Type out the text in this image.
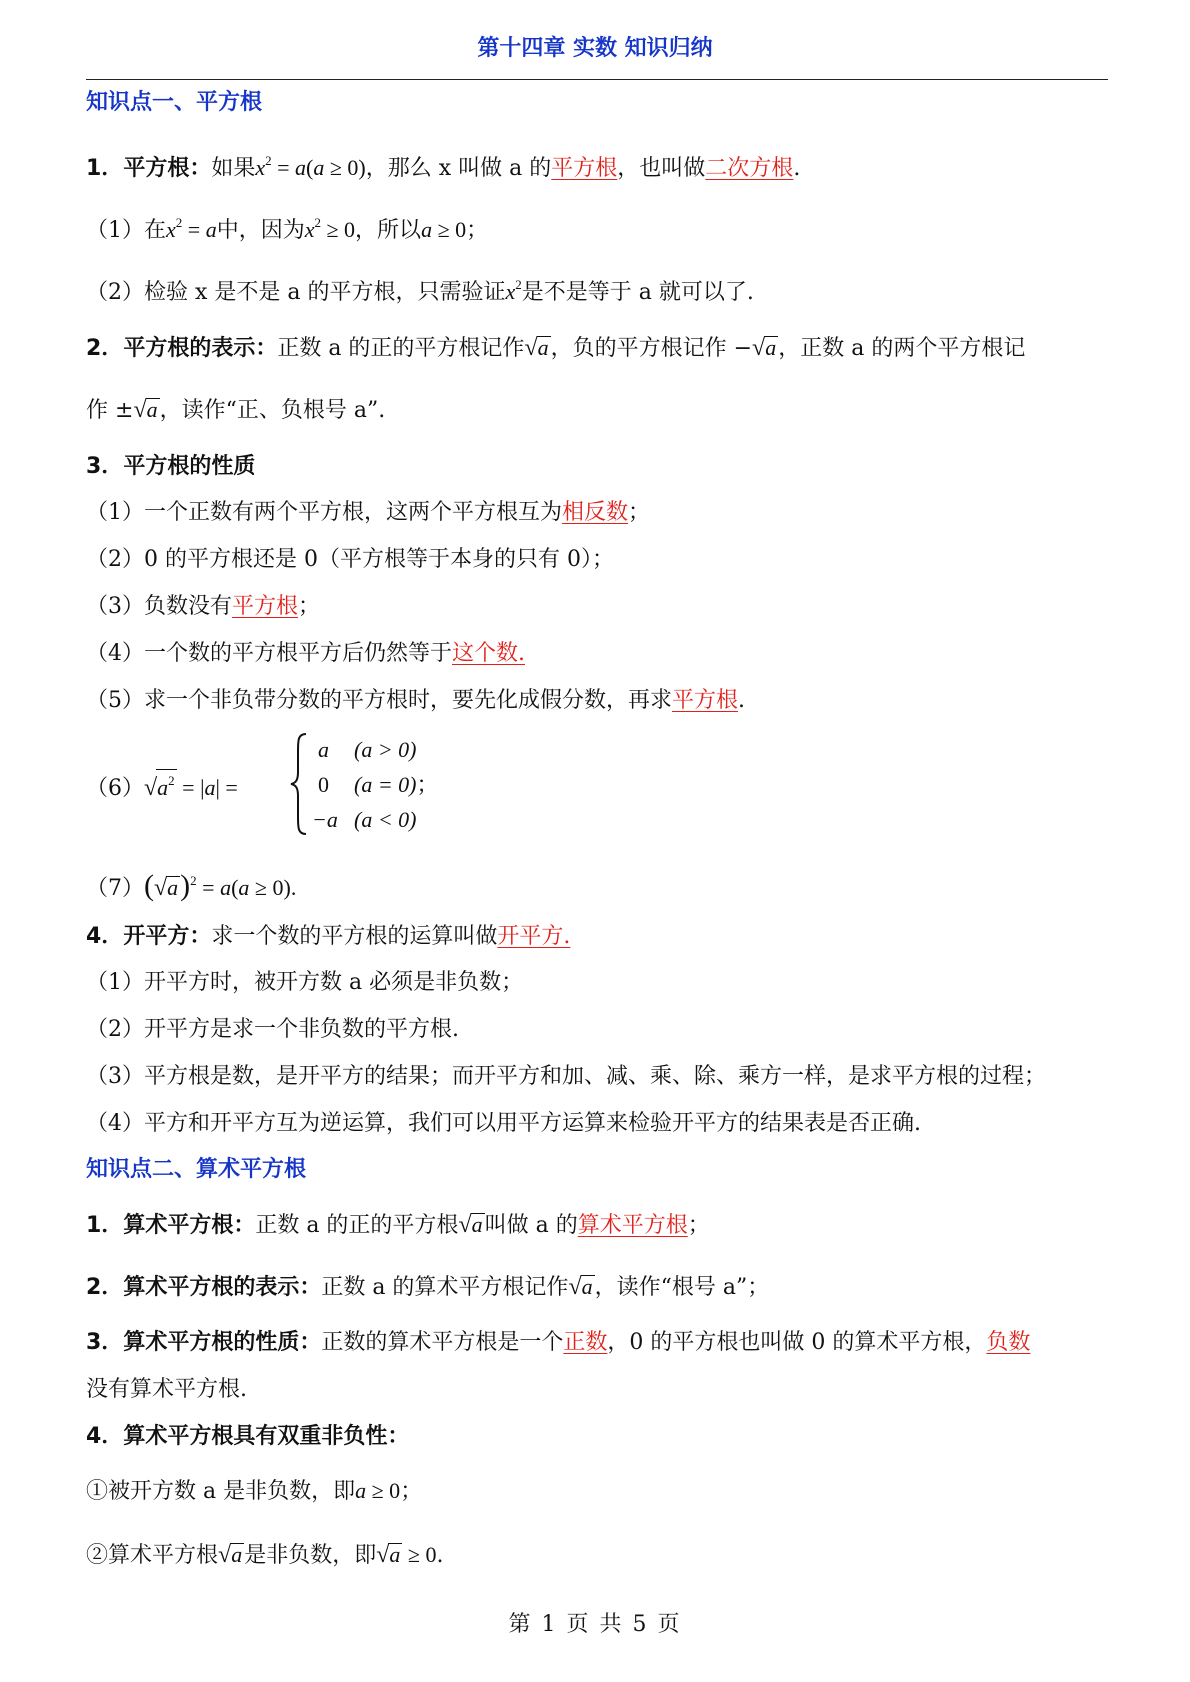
第十四章 实数 知识归纳
知识点一、平方根
1．平方根：如果$x^2 = a(a \ge 0)$，那么 x 叫做 a 的平方根，也叫做二次方根.
（1）在$x^2 = a$中，因为$x^2 \ge 0$，所以a ≥ 0；
（2）检验 x 是不是 a 的平方根，只需验证$x^2$是不是等于 a 就可以了.
2．平方根的表示：正数 a 的正的平方根记作√a，负的平方根记作 −√a，正数 a 的两个平方根记
作 ±√a，读作“正、负根号 a”.
3．平方根的性质
（1）一个正数有两个平方根，这两个平方根互为相反数；
（2）0 的平方根还是 0（平方根等于本身的只有 0）；
（3）负数没有平方根；
（4）一个数的平方根平方后仍然等于这个数.
（5）求一个非负带分数的平方根时，要先化成假分数，再求平方根.
$(6)√a^2 = |a|$ =
a (a > 0)
0 (a = 0)；
−a (a < 0)
$(7)(√a)^2 = a(a \ge 0)$.
4．开平方：求一个数的平方根的运算叫做开平方.
（1）开平方时，被开方数 a 必须是非负数；
（2）开平方是求一个非负数的平方根.
（3）平方根是数，是开平方的结果；而开平方和加、减、乘、除、乘方一样，是求平方根的过程；
（4）平方和开平方互为逆运算，我们可以用平方运算来检验开平方的结果表是否正确.
知识点二、算术平方根
1．算术平方根：正数 a 的正的平方根√a叫做 a 的算术平方根；
2．算术平方根的表示：正数 a 的算术平方根记作√a，读作“根号 a”；
3．算术平方根的性质：正数的算术平方根是一个正数，0 的平方根也叫做 0 的算术平方根，负数
没有算术平方根.
4．算术平方根具有双重非负性：
①被开方数 a 是非负数，即a ≥ 0；
②算术平方根√a是非负数，即√a ≥ 0.
第 1 页 共 5 页
